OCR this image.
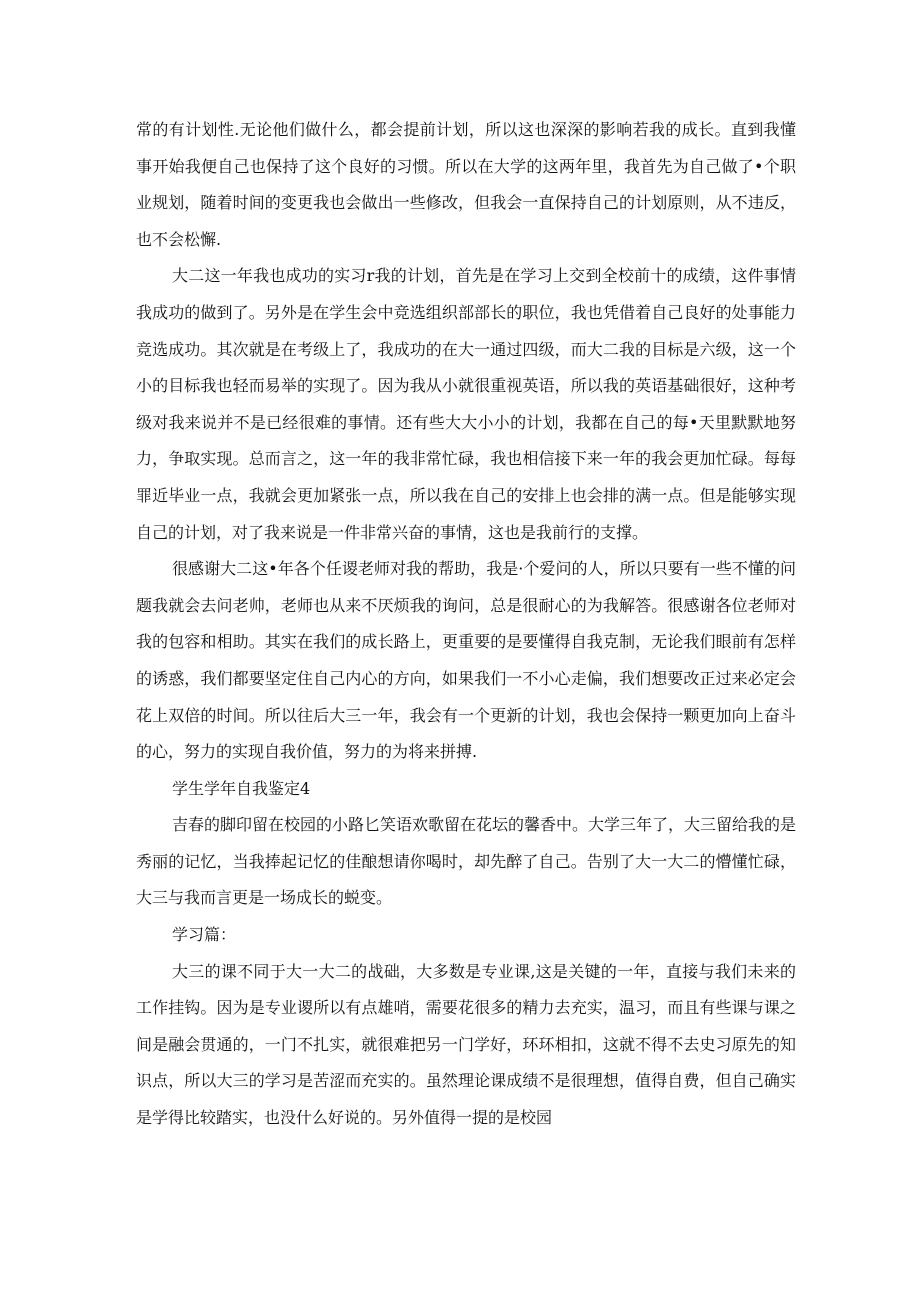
常的有计划性.无论他们做什么，都会提前计划，所以这也深深的影响若我的成长。直到我懂事开始我便自己也保持了这个良好的习惯。所以在大学的这两年里，我首先为自己做了•个职业规划，随着时间的变更我也会做出一些修改，但我会一直保持自己的计划原则，从不违反，也不会松懈.

大二这一年我也成功的实习r我的计划，首先是在学习上交到全校前十的成绩，这件事情我成功的做到了。另外是在学生会中竞选组织部部长的职位，我也凭借着自己良好的处事能力竞选成功。其次就是在考级上了，我成功的在大一通过四级，而大二我的目标是六级，这一个小的目标我也轻而易举的实现了。因为我从小就很重视英语，所以我的英语基础很好，这种考级对我来说并不是已经很难的事情。还有些大大小小的计划，我都在自己的每•天里默默地努力，争取实现。总而言之，这一年的我非常忙碌，我也相信接下来一年的我会更加忙碌。每每罪近毕业一点，我就会更加紧张一点，所以我在自己的安排上也会排的满一点。但是能够实现自己的计划，对了我来说是一件非常兴奋的事情，这也是我前行的支撑。

很感谢大二这•年各个任谡老师对我的帮助，我是·个爱问的人，所以只要有一些不懂的问题我就会去问老帅，老师也从来不厌烦我的询问，总是很耐心的为我解答。很感谢各位老师对我的包容和相助。其实在我们的成长路上，更重要的是要懂得自我克制，无论我们眼前有怎样的诱惑，我们都要坚定住自己内心的方向，如果我们一不小心走偏，我们想要改正过来必定会花上双倍的时间。所以往后大三一年，我会有一个更新的计划，我也会保持一颗更加向上奋斗的心，努力的实现自我价值，努力的为将来拼搏.

学生学年自我鉴定4

吉春的脚印留在校园的小路匕笑语欢歌留在花坛的馨香中。大学三年了，大三留给我的是秀丽的记忆，当我捧起记忆的佳酿想请你喝时，却先醉了自己。告别了大一大二的懵懂忙碌，大三与我而言更是一场成长的蜕变。

学习篇：

大三的课不同于大一大二的战础，大多数是专业课,这是关键的一年，直接与我们未来的工作挂钩。因为是专业谡所以有点雄哨，需要花很多的精力去充实，温习，而且有些课与课之间是融会贯通的，一门不扎实，就很难把另一门学好，环环相扣，这就不得不去史习原先的知识点，所以大三的学习是苦涩而充实的。虽然理论课成绩不是很理想，值得自费，但自己确实是学得比较踏实，也没什么好说的。另外值得一提的是校园
